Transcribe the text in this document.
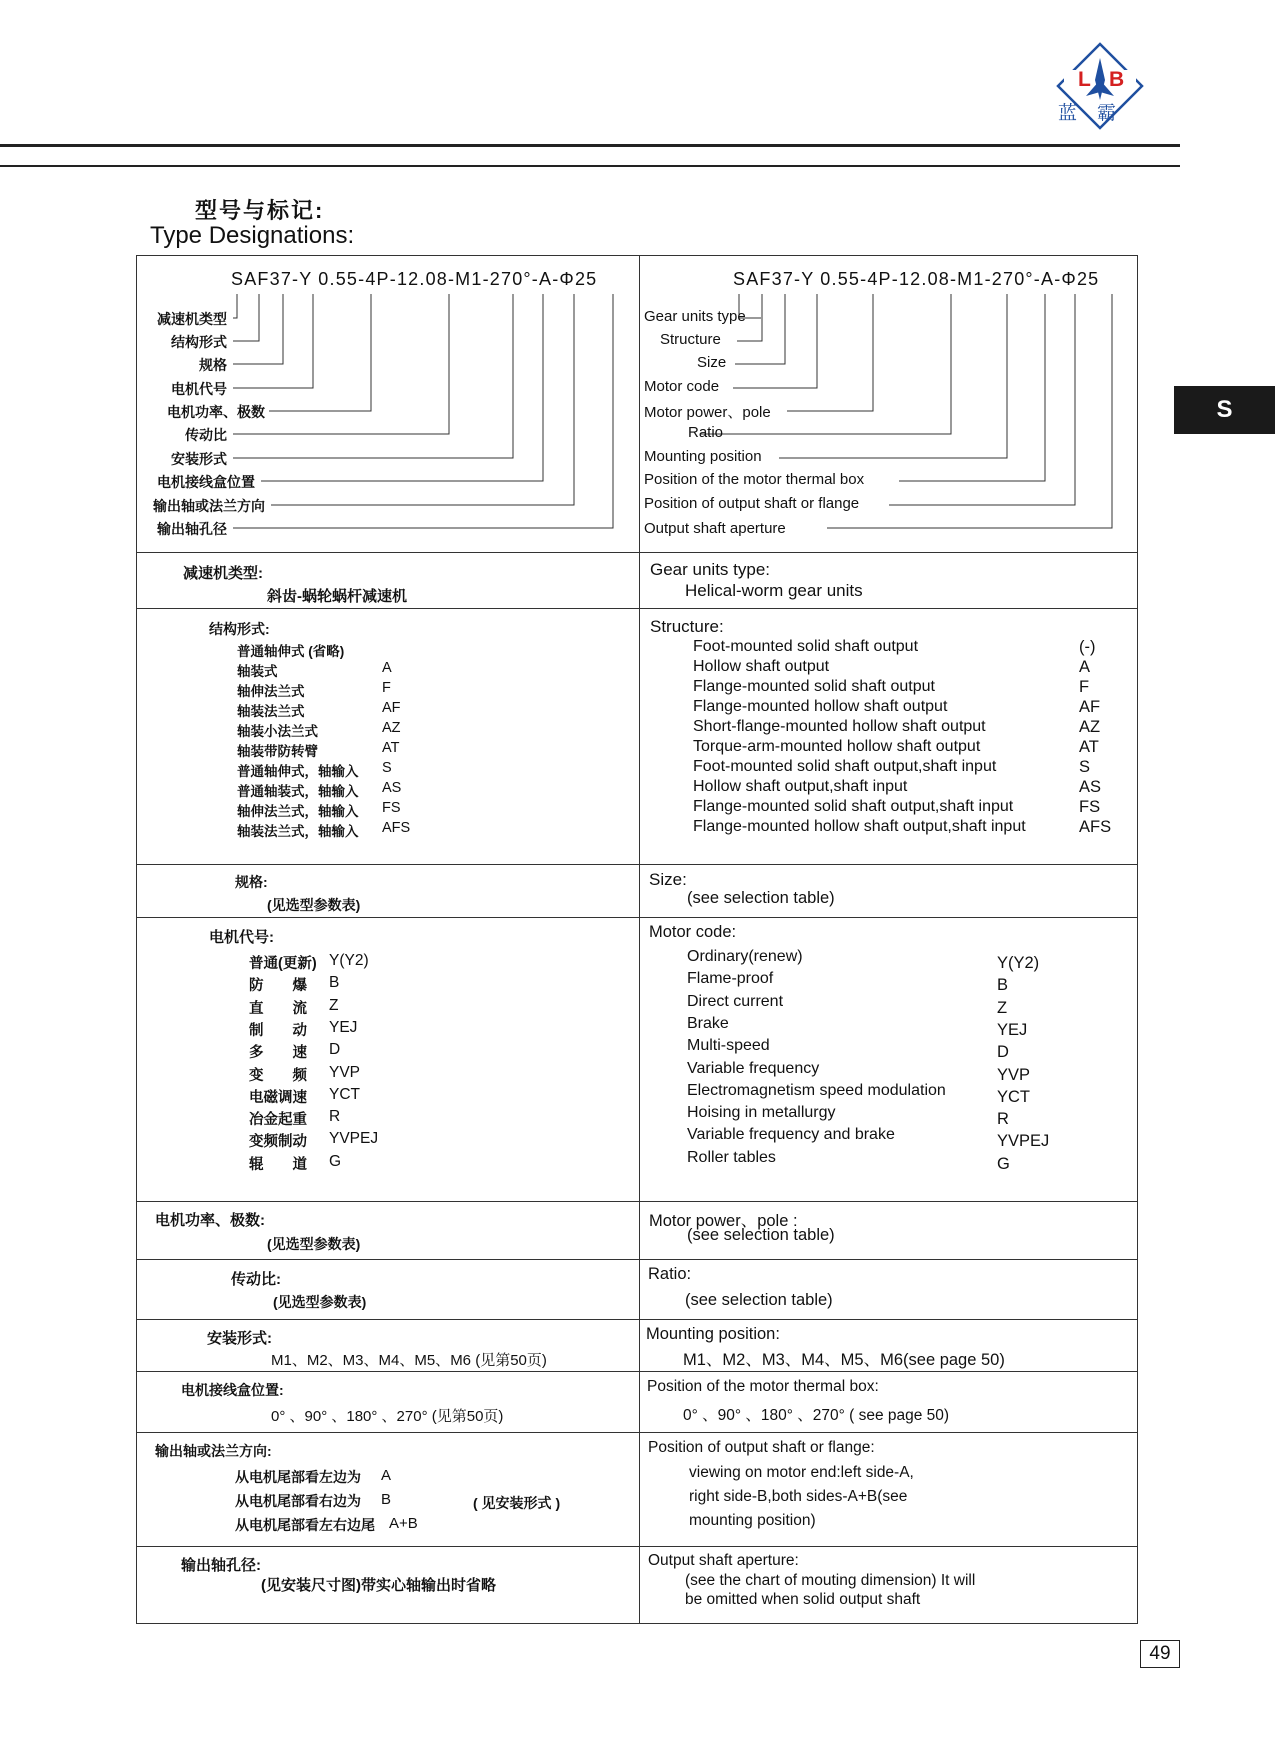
L B
蓝霸
S
49
型号与标记:
Type Designations:
SAF37-Y 0.55-4P-12.08-M1-270°-A-Φ25
减速机类型
结构形式
规格
电机代号
电机功率、极数
传动比
安装形式
电机接线盒位置
输出轴或法兰方向
输出轴孔径
SAF37-Y 0.55-4P-12.08-M1-270°-A-Φ25
Gear units type
Structure
Size
Motor code
Motor power、pole
Ratio
Mounting position
Position of the motor thermal box
Position of output shaft or flange
Output shaft aperture
减速机类型:
斜齿-蜗轮蜗杆减速机
Gear units type:
Helical-worm gear units
结构形式:	Structure:
普通轴伸式 (省略)
轴装式	A
轴伸法兰式	F
轴装法兰式	AF
轴装小法兰式	AZ
轴装带防转臂	AT
普通轴伸式，轴输入 S
普通轴装式，轴输入 AS
轴伸法兰式，轴输入 FS
轴装法兰式，轴输入 AFS
Foot-mounted solid shaft output	(-)
Hollow shaft output	A
Flange-mounted solid shaft output	F
Flange-mounted hollow shaft output	AF
Short-flange-mounted hollow shaft output	AZ
Torque-arm-mounted hollow shaft output	AT
Foot-mounted solid shaft output,shaft input	S
Hollow shaft output,shaft input	AS
Flange-mounted solid shaft output,shaft input	FS
Flange-mounted hollow shaft output,shaft input	AFS
规格:
(见选型参数表)
Size:
(see selection table)
电机代号:	Motor code:
普通(更新) Y(Y2)
防　　爆 B
直　　流 Z
制　　动 YEJ
多　　速 D
变　　频 YVP
电磁调速 YCT
冶金起重 R
变频制动 YVPEJ
辊　　道 G
Ordinary(renew)	Y(Y2)
Flame-proof	B
Direct current	Z
Brake	YEJ
Multi-speed	D
Variable frequency	YVP
Electromagnetism speed modulation	YCT
Hoising in metallurgy	R
Variable frequency and brake	YVPEJ
Roller tables	G
电机功率、极数:
(见选型参数表)
Motor power、pole :
(see selection table)
传动比:
(见选型参数表)
Ratio:
(see selection table)
安装形式:
M1、M2、M3、M4、M5、M6 (见第50页)
Mounting position:
M1、M2、M3、M4、M5、M6(see page 50)
电机接线盒位置:
0° 、90° 、180° 、270° (见第50页)
Position of the motor thermal box:
0° 、90° 、180° 、270° ( see page 50)
输出轴或法兰方向:
从电机尾部看左边为 A
从电机尾部看右边为 B
从电机尾部看左右边尾 A+B
( 见安装形式 )
Position of output shaft or flange:
viewing on motor end:left side-A,
right side-B,both sides-A+B(see
mounting position)
输出轴孔径:
(见安装尺寸图)带实心轴输出时省略
Output shaft aperture:
(see the chart of mouting dimension) It will
be omitted when solid output shaft
